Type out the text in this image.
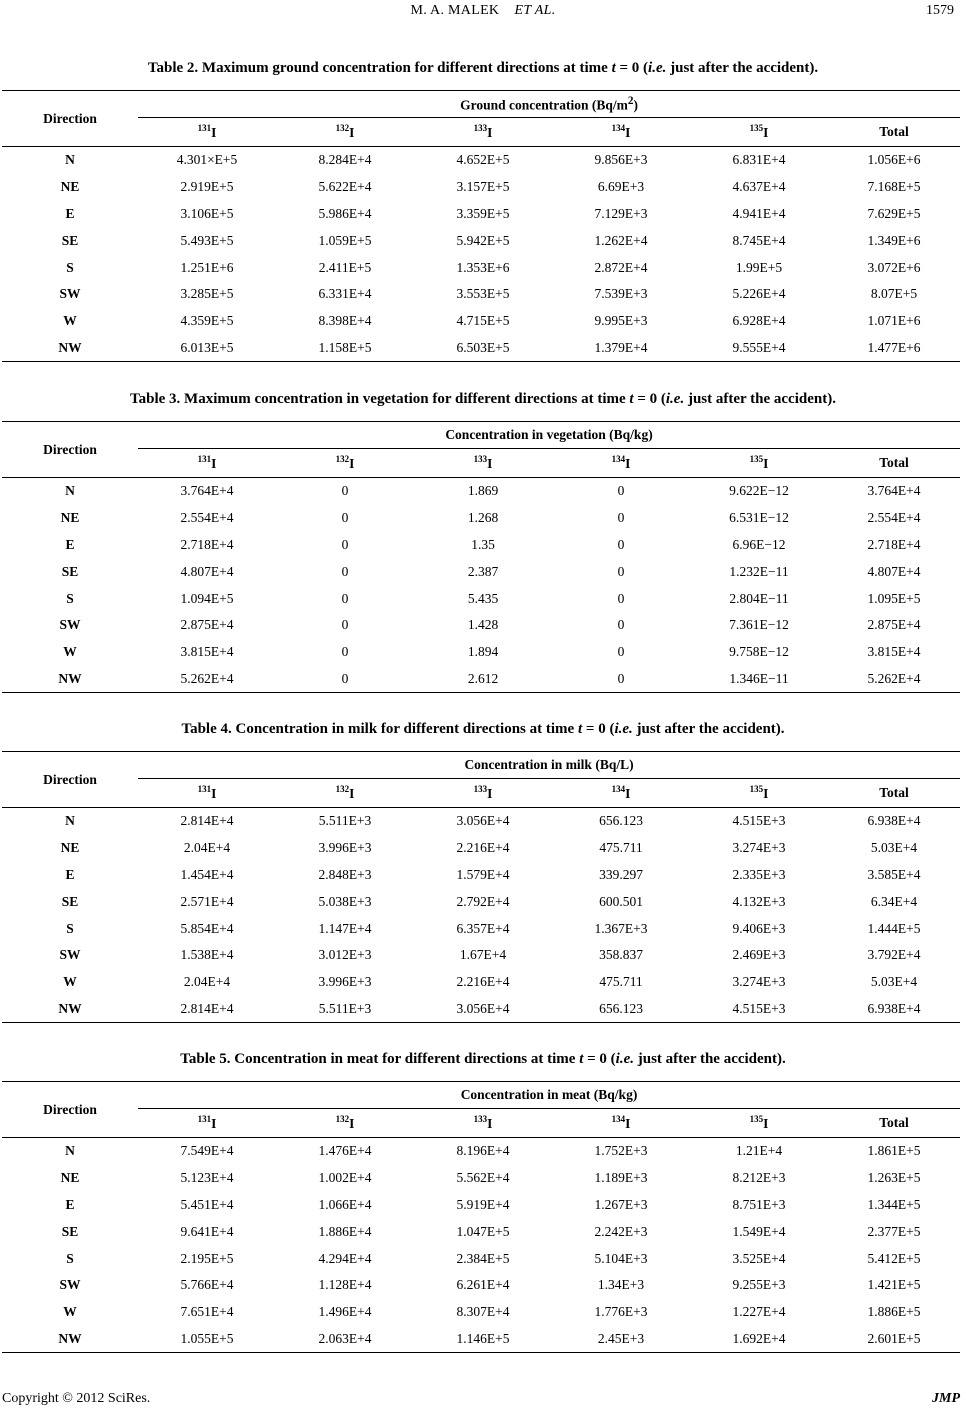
M. A. MALEK ET AL.	1579
Table 2. Maximum ground concentration for different directions at time t = 0 (i.e. just after the accident).
Direction	Ground concentration $(Bq/m^2)$					
	$^{131}$I	$^{132}$I	$^{133}$I	$^{134}$I	$^{135}$I	Total
N	4.301×E+5	8.284E+4	4.652E+5	9.856E+3	6.831E+4	1.056E+6
NE	2.919E+5	5.622E+4	3.157E+5	6.69E+3	4.637E+4	7.168E+5
E	3.106E+5	5.986E+4	3.359E+5	7.129E+3	4.941E+4	7.629E+5
SE	5.493E+5	1.059E+5	5.942E+5	1.262E+4	8.745E+4	1.349E+6
S	1.251E+6	2.411E+5	1.353E+6	2.872E+4	1.99E+5	3.072E+6
SW	3.285E+5	6.331E+4	3.553E+5	7.539E+3	5.226E+4	8.07E+5
W	4.359E+5	8.398E+4	4.715E+5	9.995E+3	6.928E+4	1.071E+6
NW	6.013E+5	1.158E+5	6.503E+5	1.379E+4	9.555E+4	1.477E+6
Table 3. Maximum concentration in vegetation for different directions at time t = 0 (i.e. just after the accident).
Direction	Concentration in vegetation (Bq/kg)					
	$^{131}$I	$^{132}$I	$^{133}$I	$^{134}$I	$^{135}$I	Total
N	3.764E+4	0	1.869	0	9.622E−12	3.764E+4
NE	2.554E+4	0	1.268	0	6.531E−12	2.554E+4
E	2.718E+4	0	1.35	0	6.96E−12	2.718E+4
SE	4.807E+4	0	2.387	0	1.232E−11	4.807E+4
S	1.094E+5	0	5.435	0	2.804E−11	1.095E+5
SW	2.875E+4	0	1.428	0	7.361E−12	2.875E+4
W	3.815E+4	0	1.894	0	9.758E−12	3.815E+4
NW	5.262E+4	0	2.612	0	1.346E−11	5.262E+4
Table 4. Concentration in milk for different directions at time t = 0 (i.e. just after the accident).
Direction	Concentration in milk (Bq/L)					
	$^{131}$I	$^{132}$I	$^{133}$I	$^{134}$I	$^{135}$I	Total
N	2.814E+4	5.511E+3	3.056E+4	656.123	4.515E+3	6.938E+4
NE	2.04E+4	3.996E+3	2.216E+4	475.711	3.274E+3	5.03E+4
E	1.454E+4	2.848E+3	1.579E+4	339.297	2.335E+3	3.585E+4
SE	2.571E+4	5.038E+3	2.792E+4	600.501	4.132E+3	6.34E+4
S	5.854E+4	1.147E+4	6.357E+4	1.367E+3	9.406E+3	1.444E+5
SW	1.538E+4	3.012E+3	1.67E+4	358.837	2.469E+3	3.792E+4
W	2.04E+4	3.996E+3	2.216E+4	475.711	3.274E+3	5.03E+4
NW	2.814E+4	5.511E+3	3.056E+4	656.123	4.515E+3	6.938E+4
Table 5. Concentration in meat for different directions at time t = 0 (i.e. just after the accident).
Direction	Concentration in meat (Bq/kg)					
	$^{131}$I	$^{132}$I	$^{133}$I	$^{134}$I	$^{135}$I	Total
N	7.549E+4	1.476E+4	8.196E+4	1.752E+3	1.21E+4	1.861E+5
NE	5.123E+4	1.002E+4	5.562E+4	1.189E+3	8.212E+3	1.263E+5
E	5.451E+4	1.066E+4	5.919E+4	1.267E+3	8.751E+3	1.344E+5
SE	9.641E+4	1.886E+4	1.047E+5	2.242E+3	1.549E+4	2.377E+5
S	2.195E+5	4.294E+4	2.384E+5	5.104E+3	3.525E+4	5.412E+5
SW	5.766E+4	1.128E+4	6.261E+4	1.34E+3	9.255E+3	1.421E+5
W	7.651E+4	1.496E+4	8.307E+4	1.776E+3	1.227E+4	1.886E+5
NW	1.055E+5	2.063E+4	1.146E+5	2.45E+3	1.692E+4	2.601E+5
Copyright © 2012 SciRes.	JMP
